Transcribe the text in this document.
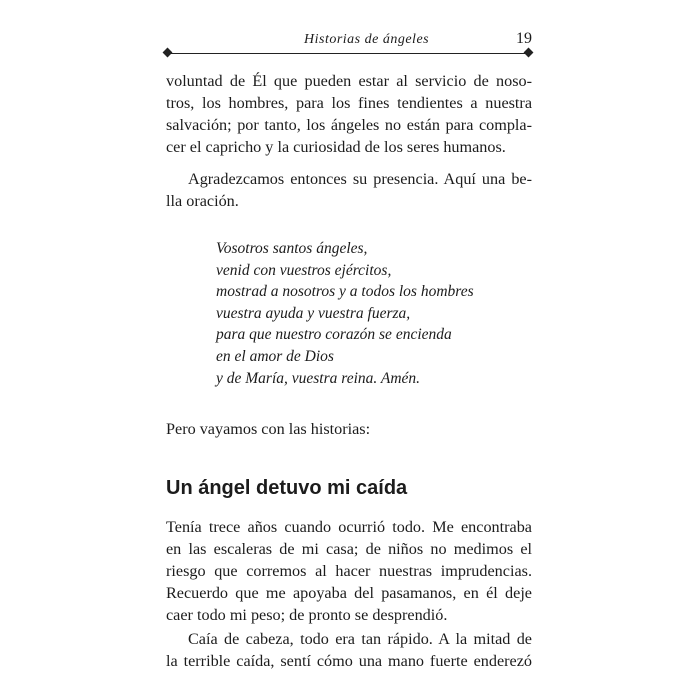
Historias de ángeles	19
voluntad de Él que pueden estar al servicio de noso-
tros, los hombres, para los fines tendientes a nuestra
salvación; por tanto, los ángeles no están para compla-
cer el capricho y la curiosidad de los seres humanos.
Agradezcamos entonces su presencia. Aquí una be-
lla oración.
Vosotros santos ángeles,
venid con vuestros ejércitos,
mostrad a nosotros y a todos los hombres
vuestra ayuda y vuestra fuerza,
para que nuestro corazón se encienda
en el amor de Dios
y de María, vuestra reina. Amén.
Pero vayamos con las historias:
Un ángel detuvo mi caída
Tenía trece años cuando ocurrió todo. Me encontraba
en las escaleras de mi casa; de niños no medimos el
riesgo que corremos al hacer nuestras imprudencias.
Recuerdo que me apoyaba del pasamanos, en él deje
caer todo mi peso; de pronto se desprendió.
Caía de cabeza, todo era tan rápido. A la mitad de
la terrible caída, sentí cómo una mano fuerte enderezó
